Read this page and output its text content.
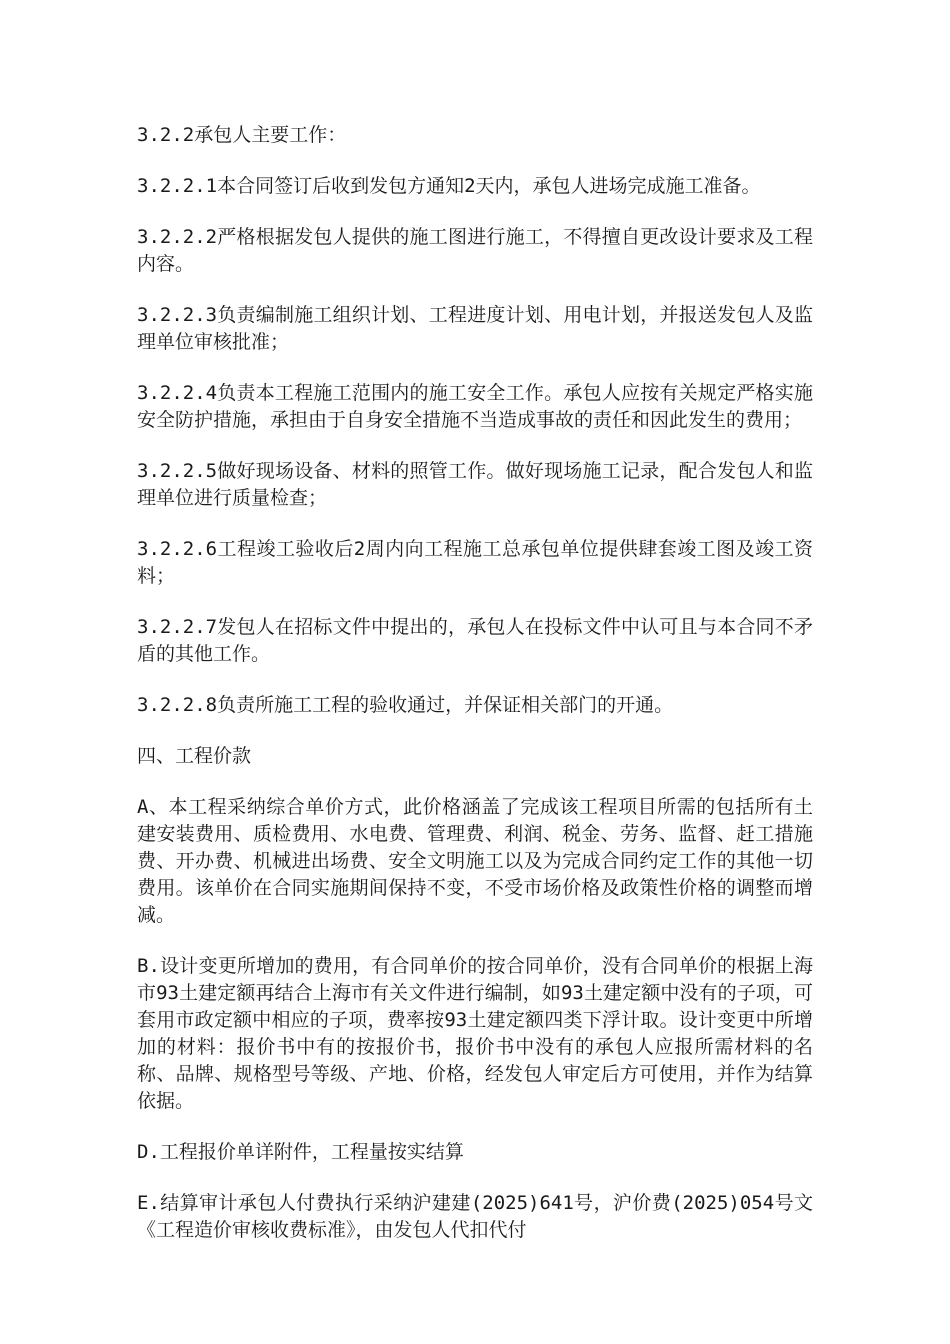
3.2.2承包人主要工作：

3.2.2.1本合同签订后收到发包方通知2天内，承包人进场完成施工准备。

3.2.2.2严格根据发包人提供的施工图进行施工，不得擅自更改设计要求及工程内容。

3.2.2.3负责编制施工组织计划、工程进度计划、用电计划，并报送发包人及监理单位审核批准；

3.2.2.4负责本工程施工范围内的施工安全工作。承包人应按有关规定严格实施安全防护措施，承担由于自身安全措施不当造成事故的责任和因此发生的费用；

3.2.2.5做好现场设备、材料的照管工作。做好现场施工记录，配合发包人和监理单位进行质量检查；

3.2.2.6工程竣工验收后2周内向工程施工总承包单位提供肆套竣工图及竣工资料；

3.2.2.7发包人在招标文件中提出的，承包人在投标文件中认可且与本合同不矛盾的其他工作。

3.2.2.8负责所施工工程的验收通过，并保证相关部门的开通。

四、工程价款

A、本工程采纳综合单价方式，此价格涵盖了完成该工程项目所需的包括所有土建安装费用、质检费用、水电费、管理费、利润、税金、劳务、监督、赶工措施费、开办费、机械进出场费、安全文明施工以及为完成合同约定工作的其他一切费用。该单价在合同实施期间保持不变，不受市场价格及政策性价格的调整而增减。

B.设计变更所增加的费用，有合同单价的按合同单价，没有合同单价的根据上海市93土建定额再结合上海市有关文件进行编制，如93土建定额中没有的子项，可套用市政定额中相应的子项，费率按93土建定额四类下浮计取。设计变更中所增加的材料：报价书中有的按报价书，报价书中没有的承包人应报所需材料的名称、品牌、规格型号等级、产地、价格，经发包人审定后方可使用，并作为结算依据。

D.工程报价单详附件，工程量按实结算

E.结算审计承包人付费执行采纳沪建建(2025)641号，沪价费(2025)054号文《工程造价审核收费标准》，由发包人代扣代付
